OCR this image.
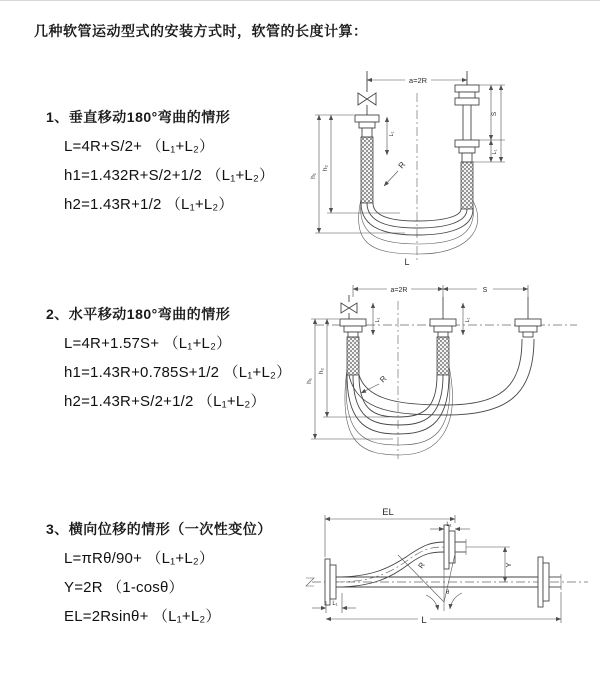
几种软管运动型式的安装方式时，软管的长度计算：
1、垂直移动180°弯曲的情形
L=4R+S/2+ （L₁+L₂）
h1=1.432R+S/2+1/2 （L₁+L₂）
h2=1.43R+1/2 （L₁+L₂）
2、水平移动180°弯曲的情形
L=4R+1.57S+ （L₁+L₂）
h1=1.43R+0.785S+1/2 （L₁+L₂）
h2=1.43R+S/2+1/2 （L₁+L₂）
3、横向位移的情形（一次性变位）
L=πRθ/90+ （L₁+L₂）
Y=2R （1-cosθ）
EL=2Rsinθ+ （L₁+L₂）
a=2R
h₁
h₂
L₁
S
L₁
R
L
a=2R	S
L₁	L₁
h₁
h₂
R
EL
L₁
Y
R
θ
L₁
L
